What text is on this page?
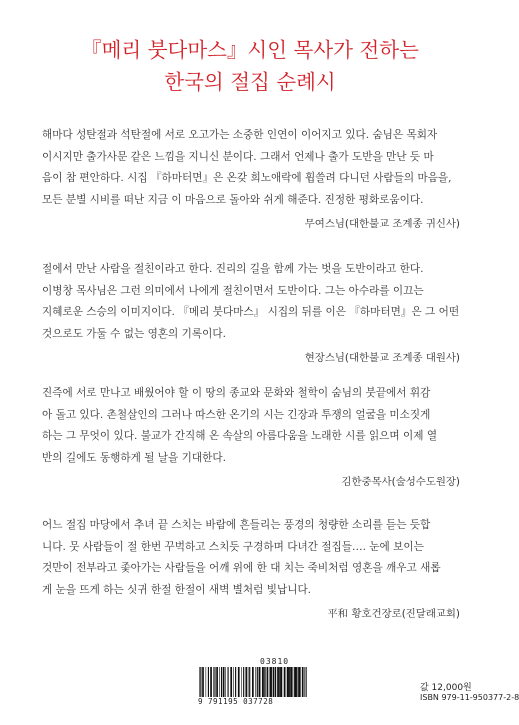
『메리 붓다마스』시인 목사가 전하는
한국의 절집 순례시
해마다 성탄절과 석탄절에 서로 오고가는 소중한 인연이 이어지고 있다. 숨님은 목회자
이시지만 출가사문 같은 느낌을 지니신 분이다. 그래서 언제나 출가 도반을 만난 듯 마
음이 참 편안하다. 시집 『하마터면』은 온갖 희노애락에 휩쓸려 다니던 사람들의 마음을,
모든 분별 시비를 떠난 지금 이 마음으로 돌아와 쉬게 해준다. 진정한 평화로움이다.
무여스님(대한불교 조계종 귀신사)
절에서 만난 사람을 절친이라고 한다. 진리의 길을 함께 가는 벗을 도반이라고 한다.
이병창 목사님은 그런 의미에서 나에게 절친이면서 도반이다. 그는 아수라를 이끄는
지혜로운 스승의 이미지이다. 『메리 붓다마스』 시집의 뒤를 이은 『하마터면』은 그 어떤
것으로도 가둘 수 없는 영혼의 기록이다.
현장스님(대한불교 조계종 대원사)
진즉에 서로 만나고 배웠어야 할 이 땅의 종교와 문화와 철학이 숨님의 붓끝에서 휘감
아 돌고 있다. 촌철살인의 그러나 따스한 온기의 시는 긴장과 투쟁의 얼굴을 미소짓게
하는 그 무엇이 있다. 불교가 간직해 온 속살의 아름다움을 노래한 시를 읽으며 이제 열
반의 길에도 동행하게 될 날을 기대한다.
김한중목사(술성수도원장)
어느 절집 마당에서 추녀 끝 스치는 바람에 흔들리는 풍경의 청량한 소리를 듣는 듯합
니다. 뭇 사람들이 절 한번 꾸벅하고 스치듯 구경하며 다녀간 절집들…. 눈에 보이는
것만이 전부라고 좇아가는 사람들을 어깨 위에 한 대 치는 죽비처럼 영혼을 깨우고 새롭
게 눈을 뜨게 하는 싯귀 한절 한절이 새벽 별처럼 빛납니다.
平和 황호건장로(진달래교회)
03810
9 791195 037728
값 12,000원
ISBN 979-11-950377-2-8
